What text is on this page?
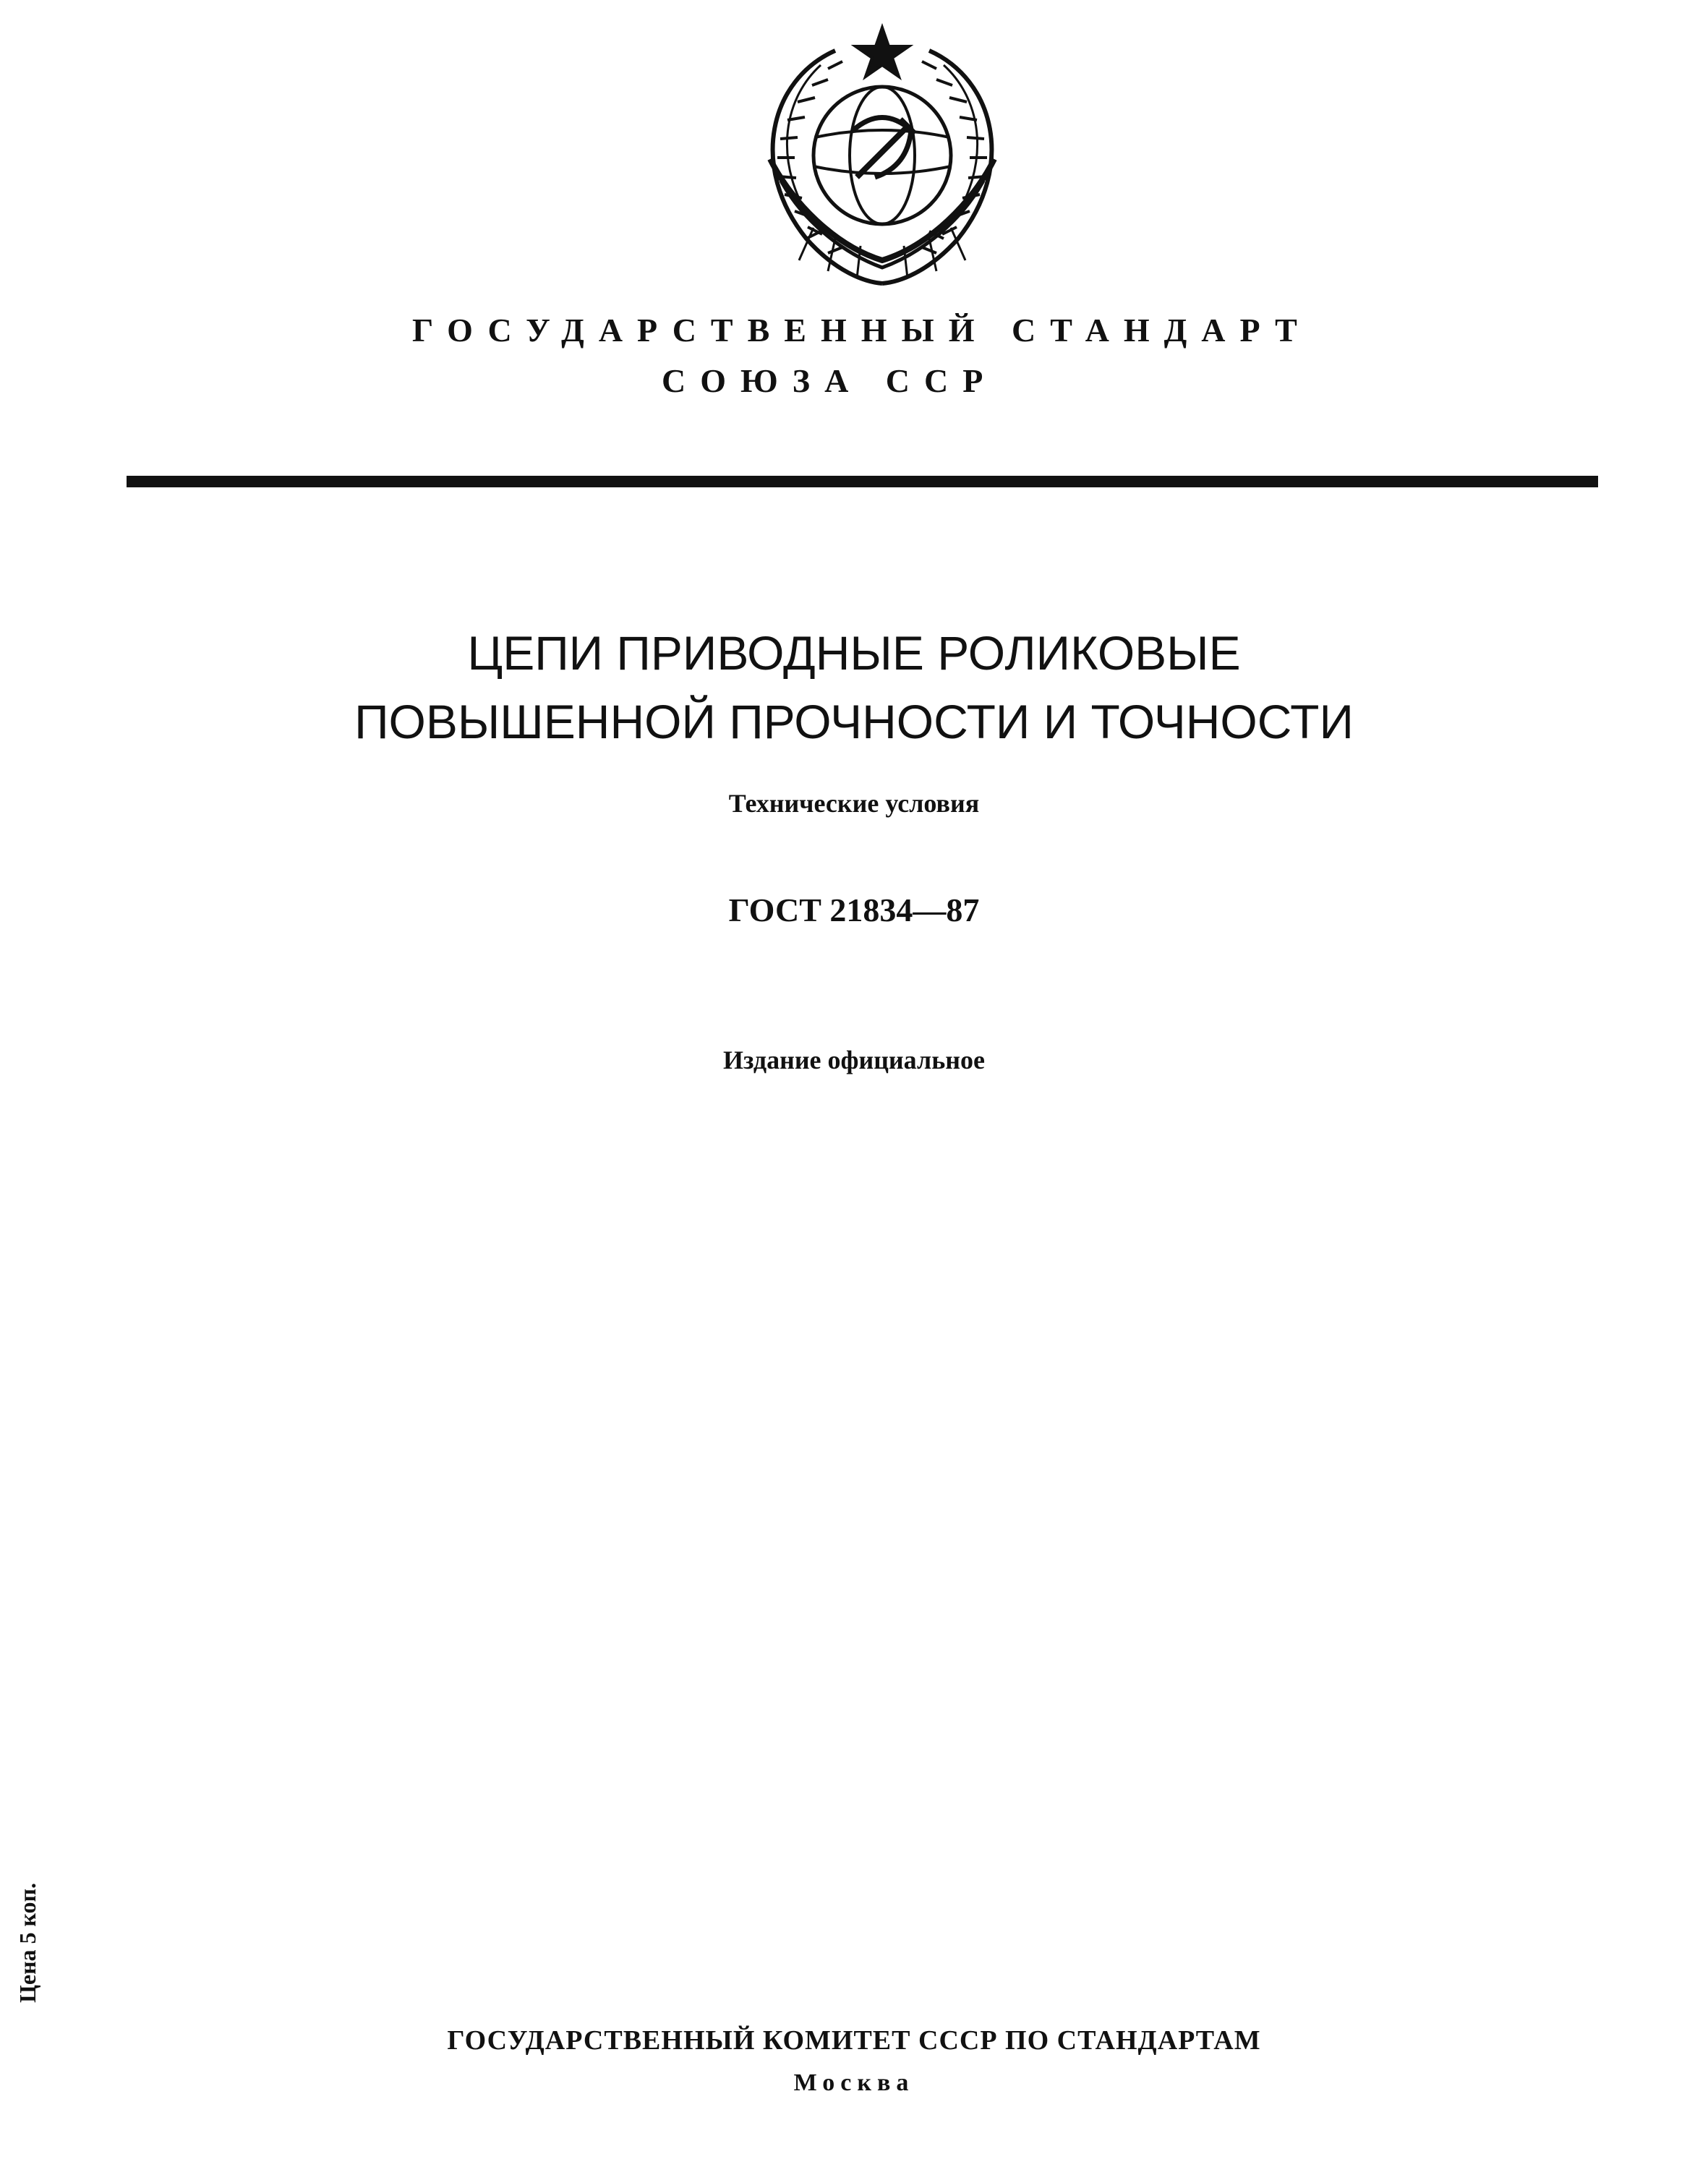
ГОСУДАРСТВЕННЫЙ СТАНДАРТ
СОЮЗА ССР
ЦЕПИ ПРИВОДНЫЕ РОЛИКОВЫЕ
ПОВЫШЕННОЙ ПРОЧНОСТИ И ТОЧНОСТИ
Технические условия
ГОСТ 21834—87
Издание официальное
Цена 5 коп.
ГОСУДАРСТВЕННЫЙ КОМИТЕТ СССР ПО СТАНДАРТАМ
Москва
